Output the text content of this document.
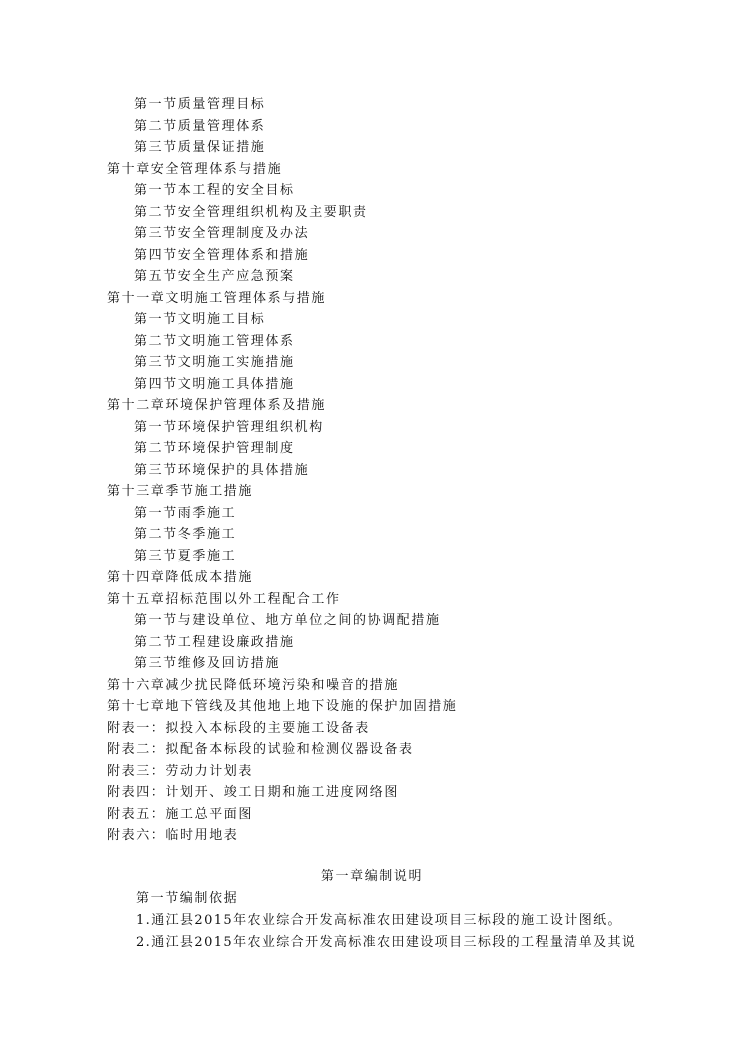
第一节质量管理目标
第二节质量管理体系
第三节质量保证措施
第十章安全管理体系与措施
第一节本工程的安全目标
第二节安全管理组织机构及主要职责
第三节安全管理制度及办法
第四节安全管理体系和措施
第五节安全生产应急预案
第十一章文明施工管理体系与措施
第一节文明施工目标
第二节文明施工管理体系
第三节文明施工实施措施
第四节文明施工具体措施
第十二章环境保护管理体系及措施
第一节环境保护管理组织机构
第二节环境保护管理制度
第三节环境保护的具体措施
第十三章季节施工措施
第一节雨季施工
第二节冬季施工
第三节夏季施工
第十四章降低成本措施
第十五章招标范围以外工程配合工作
第一节与建设单位、地方单位之间的协调配措施
第二节工程建设廉政措施
第三节维修及回访措施
第十六章减少扰民降低环境污染和噪音的措施
第十七章地下管线及其他地上地下设施的保护加固措施
附表一：拟投入本标段的主要施工设备表
附表二：拟配备本标段的试验和检测仪器设备表
附表三：劳动力计划表
附表四：计划开、竣工日期和施工进度网络图
附表五：施工总平面图
附表六：临时用地表
第一章编制说明
第一节编制依据
1.通江县2015年农业综合开发高标准农田建设项目三标段的施工设计图纸。
2.通江县2015年农业综合开发高标准农田建设项目三标段的工程量清单及其说
